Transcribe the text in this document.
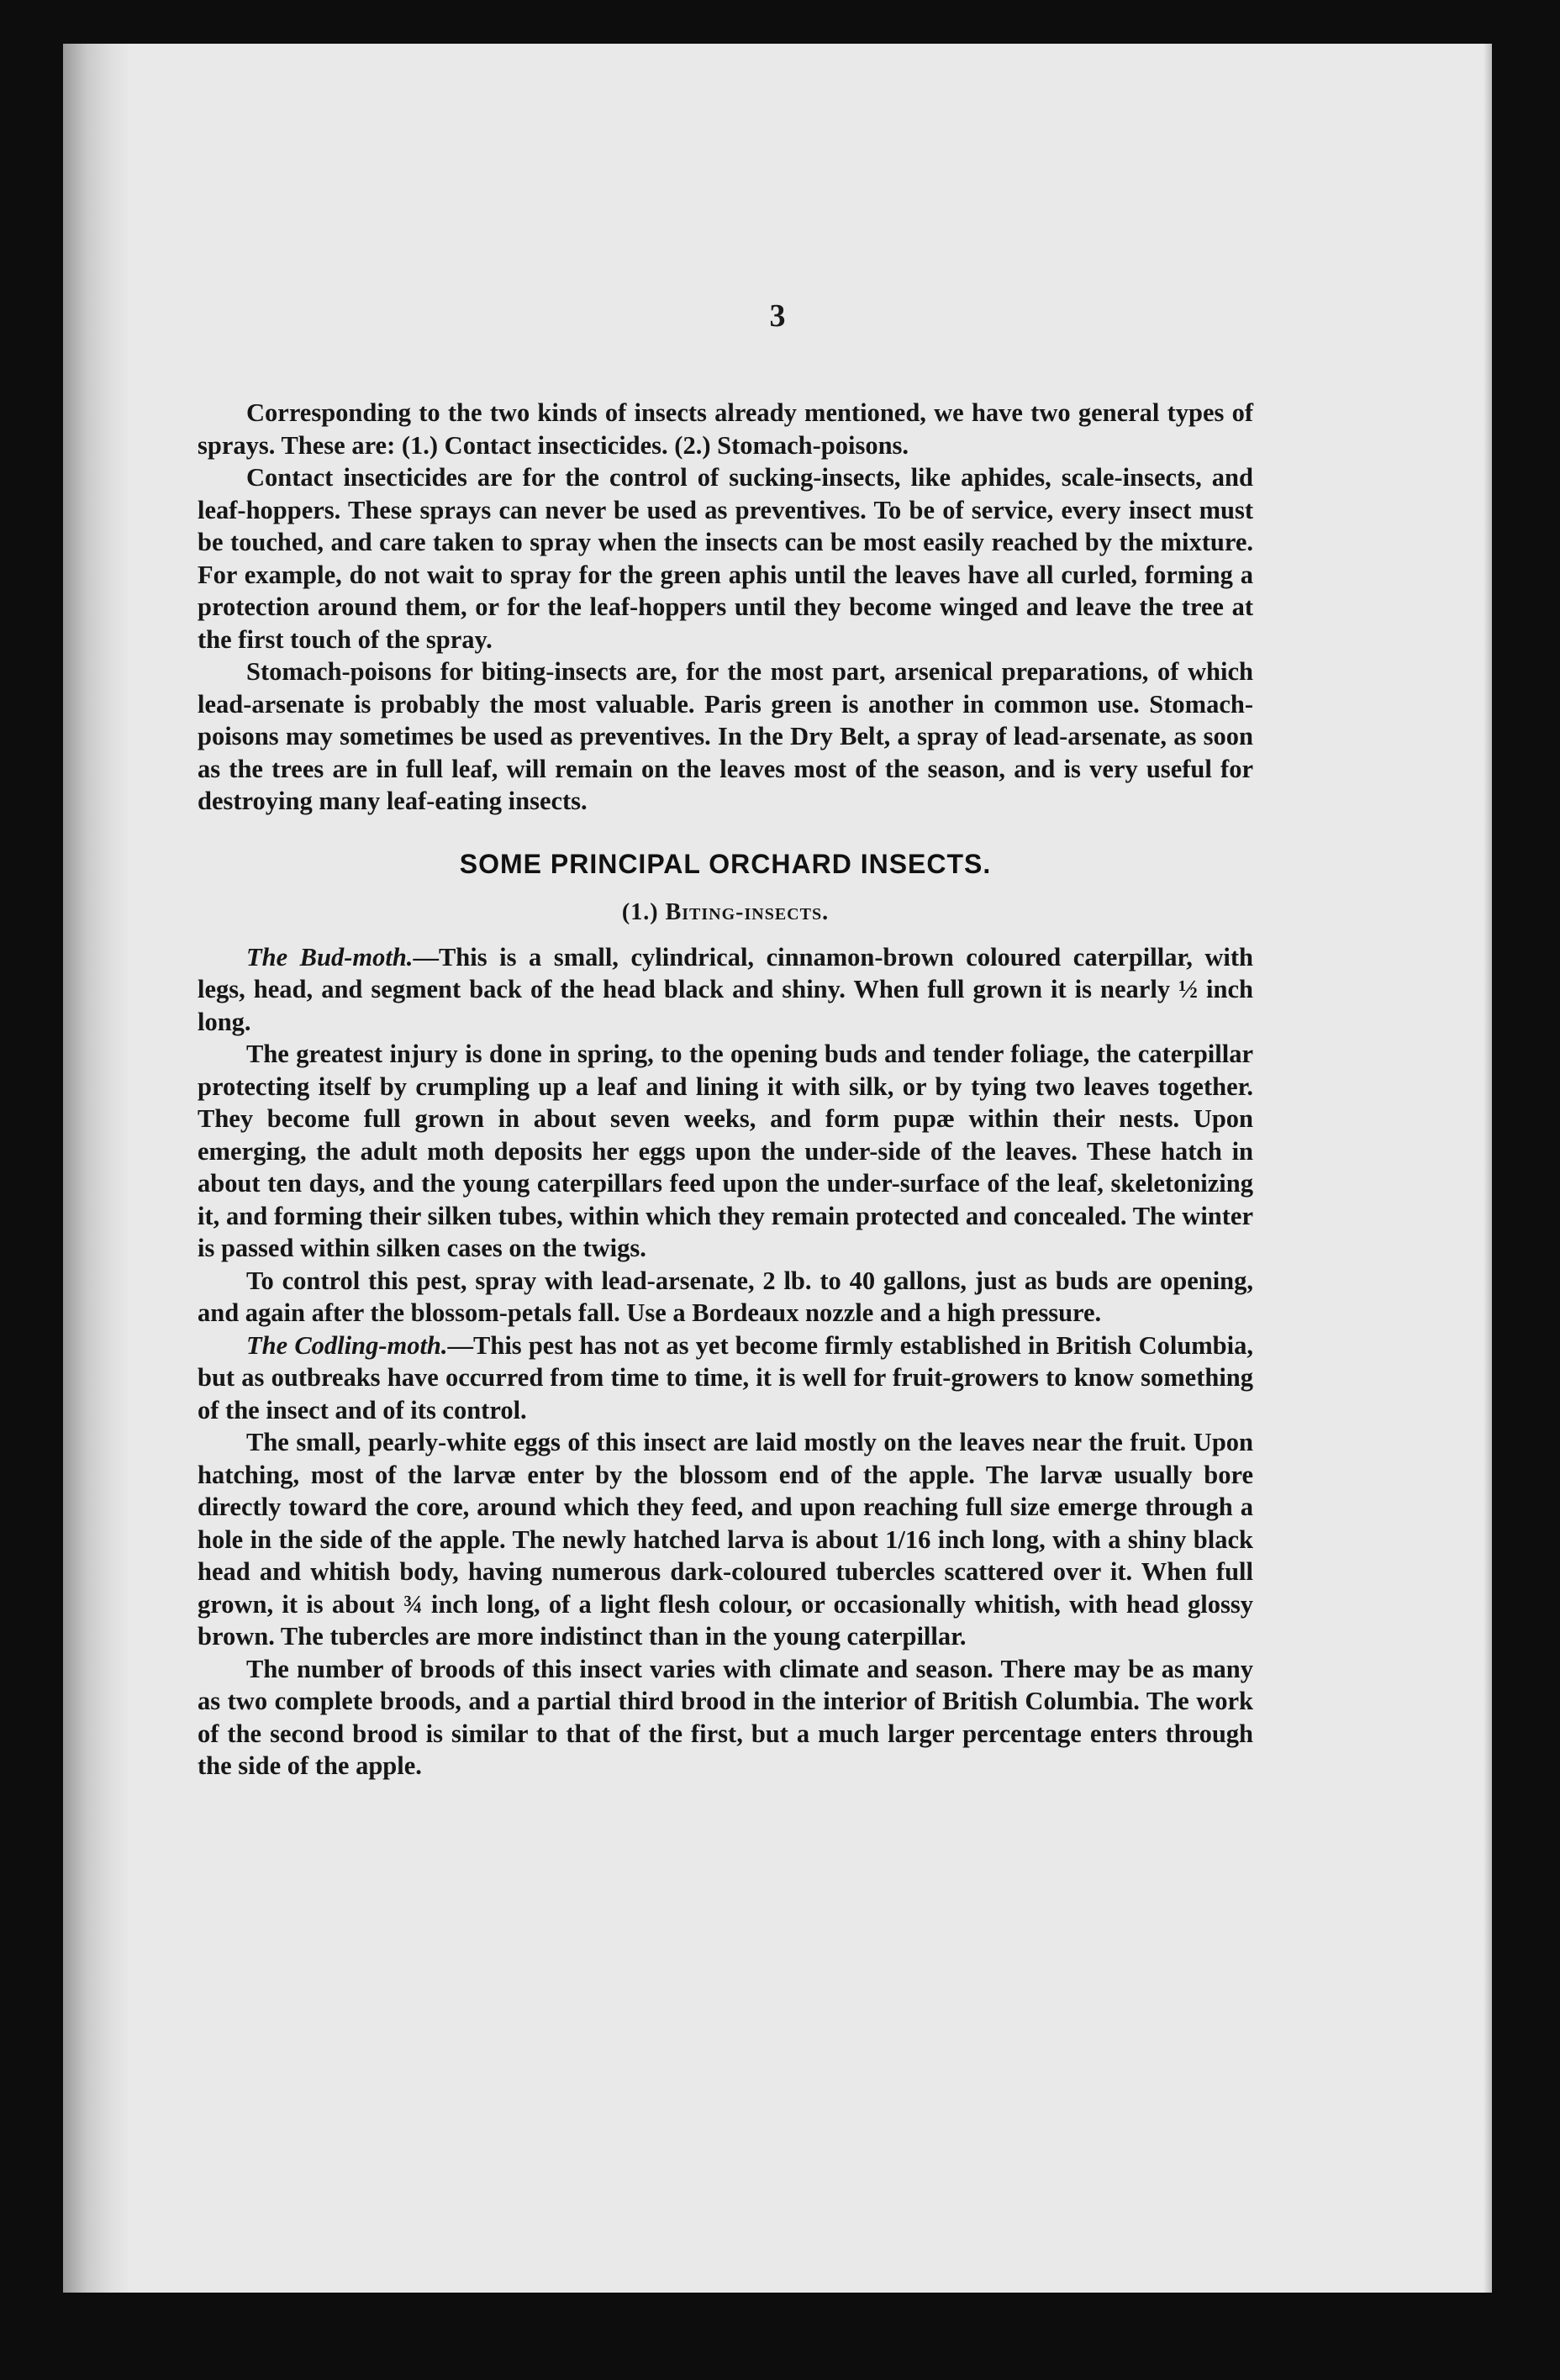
3

Corresponding to the two kinds of insects already mentioned, we have two general types of sprays. These are: (1.) Contact insecticides. (2.) Stomach-poisons.

Contact insecticides are for the control of sucking-insects, like aphides, scale-insects, and leaf-hoppers. These sprays can never be used as preventives. To be of service, every insect must be touched, and care taken to spray when the insects can be most easily reached by the mixture. For example, do not wait to spray for the green aphis until the leaves have all curled, forming a protection around them, or for the leaf-hoppers until they become winged and leave the tree at the first touch of the spray.

Stomach-poisons for biting-insects are, for the most part, arsenical preparations, of which lead-arsenate is probably the most valuable. Paris green is another in common use. Stomach-poisons may sometimes be used as preventives. In the Dry Belt, a spray of lead-arsenate, as soon as the trees are in full leaf, will remain on the leaves most of the season, and is very useful for destroying many leaf-eating insects.

SOME PRINCIPAL ORCHARD INSECTS.
(1.) Biting-insects.

The Bud-moth.—This is a small, cylindrical, cinnamon-brown coloured caterpillar, with legs, head, and segment back of the head black and shiny. When full grown it is nearly ½ inch long.

The greatest injury is done in spring, to the opening buds and tender foliage, the caterpillar protecting itself by crumpling up a leaf and lining it with silk, or by tying two leaves together. They become full grown in about seven weeks, and form pupæ within their nests. Upon emerging, the adult moth deposits her eggs upon the under-side of the leaves. These hatch in about ten days, and the young caterpillars feed upon the under-surface of the leaf, skeletonizing it, and forming their silken tubes, within which they remain protected and concealed. The winter is passed within silken cases on the twigs.

To control this pest, spray with lead-arsenate, 2 lb. to 40 gallons, just as buds are opening, and again after the blossom-petals fall. Use a Bordeaux nozzle and a high pressure.

The Codling-moth.—This pest has not as yet become firmly established in British Columbia, but as outbreaks have occurred from time to time, it is well for fruit-growers to know something of the insect and of its control.

The small, pearly-white eggs of this insect are laid mostly on the leaves near the fruit. Upon hatching, most of the larvæ enter by the blossom end of the apple. The larvæ usually bore directly toward the core, around which they feed, and upon reaching full size emerge through a hole in the side of the apple. The newly hatched larva is about 1/16 inch long, with a shiny black head and whitish body, having numerous dark-coloured tubercles scattered over it. When full grown, it is about ¾ inch long, of a light flesh colour, or occasionally whitish, with head glossy brown. The tubercles are more indistinct than in the young caterpillar.

The number of broods of this insect varies with climate and season. There may be as many as two complete broods, and a partial third brood in the interior of British Columbia. The work of the second brood is similar to that of the first, but a much larger percentage enters through the side of the apple.
